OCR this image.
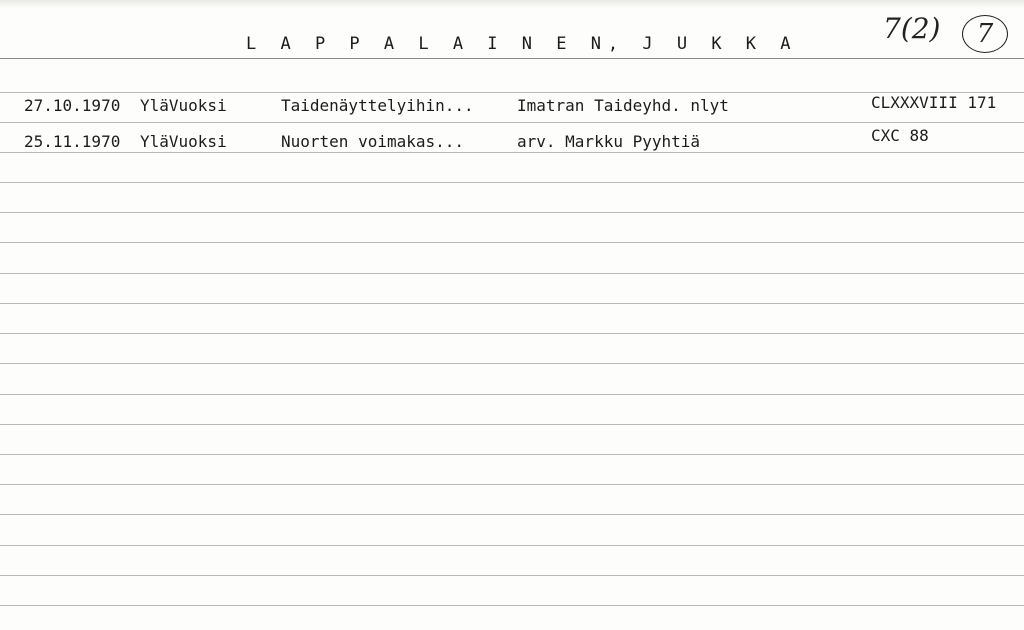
L A P P A L A I N E N, J U K K A	7(2) 7
27.10.1970 YläVuoksi	Taidenäyttelyihin...	Imatran Taideyhd. nlyt	CLXXXVIII 171
25.11.1970 YläVuoksi	Nuorten voimakas...	arv. Markku Pyyhtiä	CXC 88
